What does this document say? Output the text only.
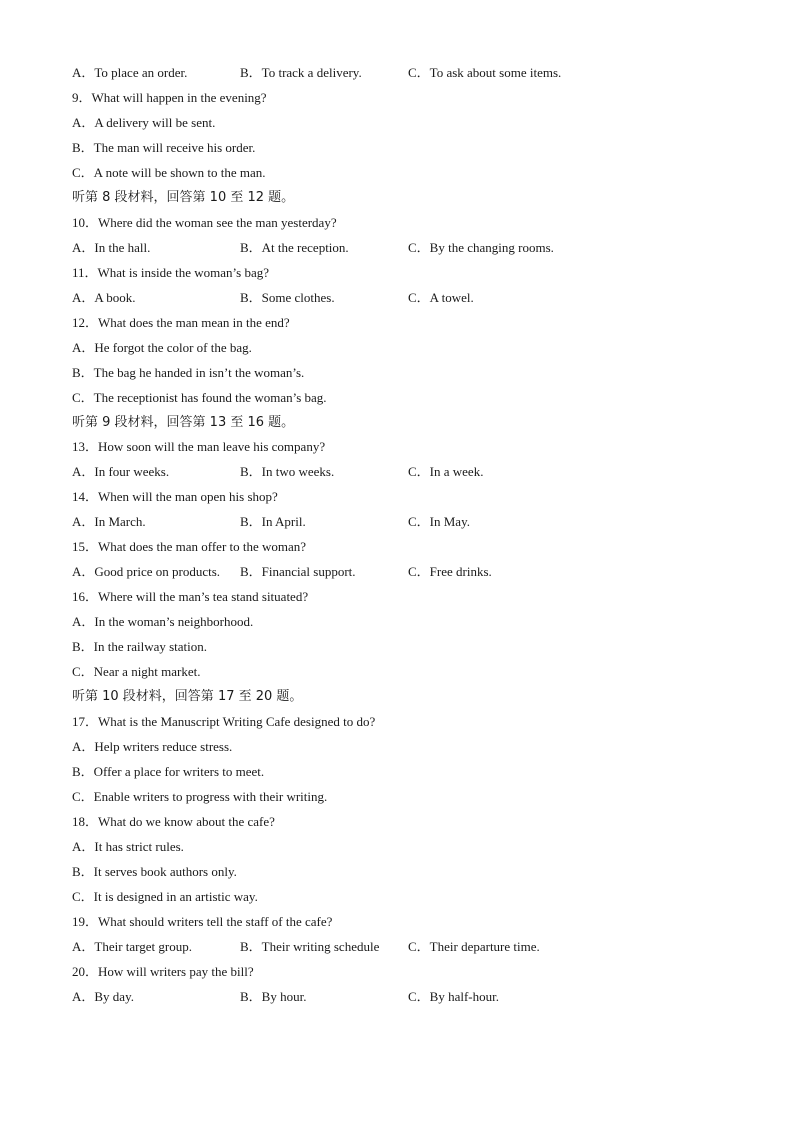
A．To place an order.	B．To track a delivery.	C．To ask about some items.
9．What will happen in the evening?
A．A delivery will be sent.
B．The man will receive his order.
C．A note will be shown to the man.
听第 8 段材料，回答第 10 至 12 题。
10．Where did the woman see the man yesterday?
A．In the hall.	B．At the reception.	C．By the changing rooms.
11．What is inside the woman’s bag?
A．A book.	B．Some clothes.	C．A towel.
12．What does the man mean in the end?
A．He forgot the color of the bag.
B．The bag he handed in isn’t the woman’s.
C．The receptionist has found the woman’s bag.
听第 9 段材料，回答第 13 至 16 题。
13．How soon will the man leave his company?
A．In four weeks.	B．In two weeks.	C．In a week.
14．When will the man open his shop?
A．In March.	B．In April.	C．In May.
15．What does the man offer to the woman?
A．Good price on products. B．Financial support.	C．Free drinks.
16．Where will the man’s tea stand situated?
A．In the woman’s neighborhood.
B．In the railway station.
C．Near a night market.
听第 10 段材料，回答第 17 至 20 题。
17．What is the Manuscript Writing Cafe designed to do?
A．Help writers reduce stress.
B．Offer a place for writers to meet.
C．Enable writers to progress with their writing.
18．What do we know about the cafe?
A．It has strict rules.
B．It serves book authors only.
C．It is designed in an artistic way.
19．What should writers tell the staff of the cafe?
A．Their target group.	B．Their writing schedule C．Their departure time.
20．How will writers pay the bill?
A．By day.	B．By hour.	C．By half-hour.
